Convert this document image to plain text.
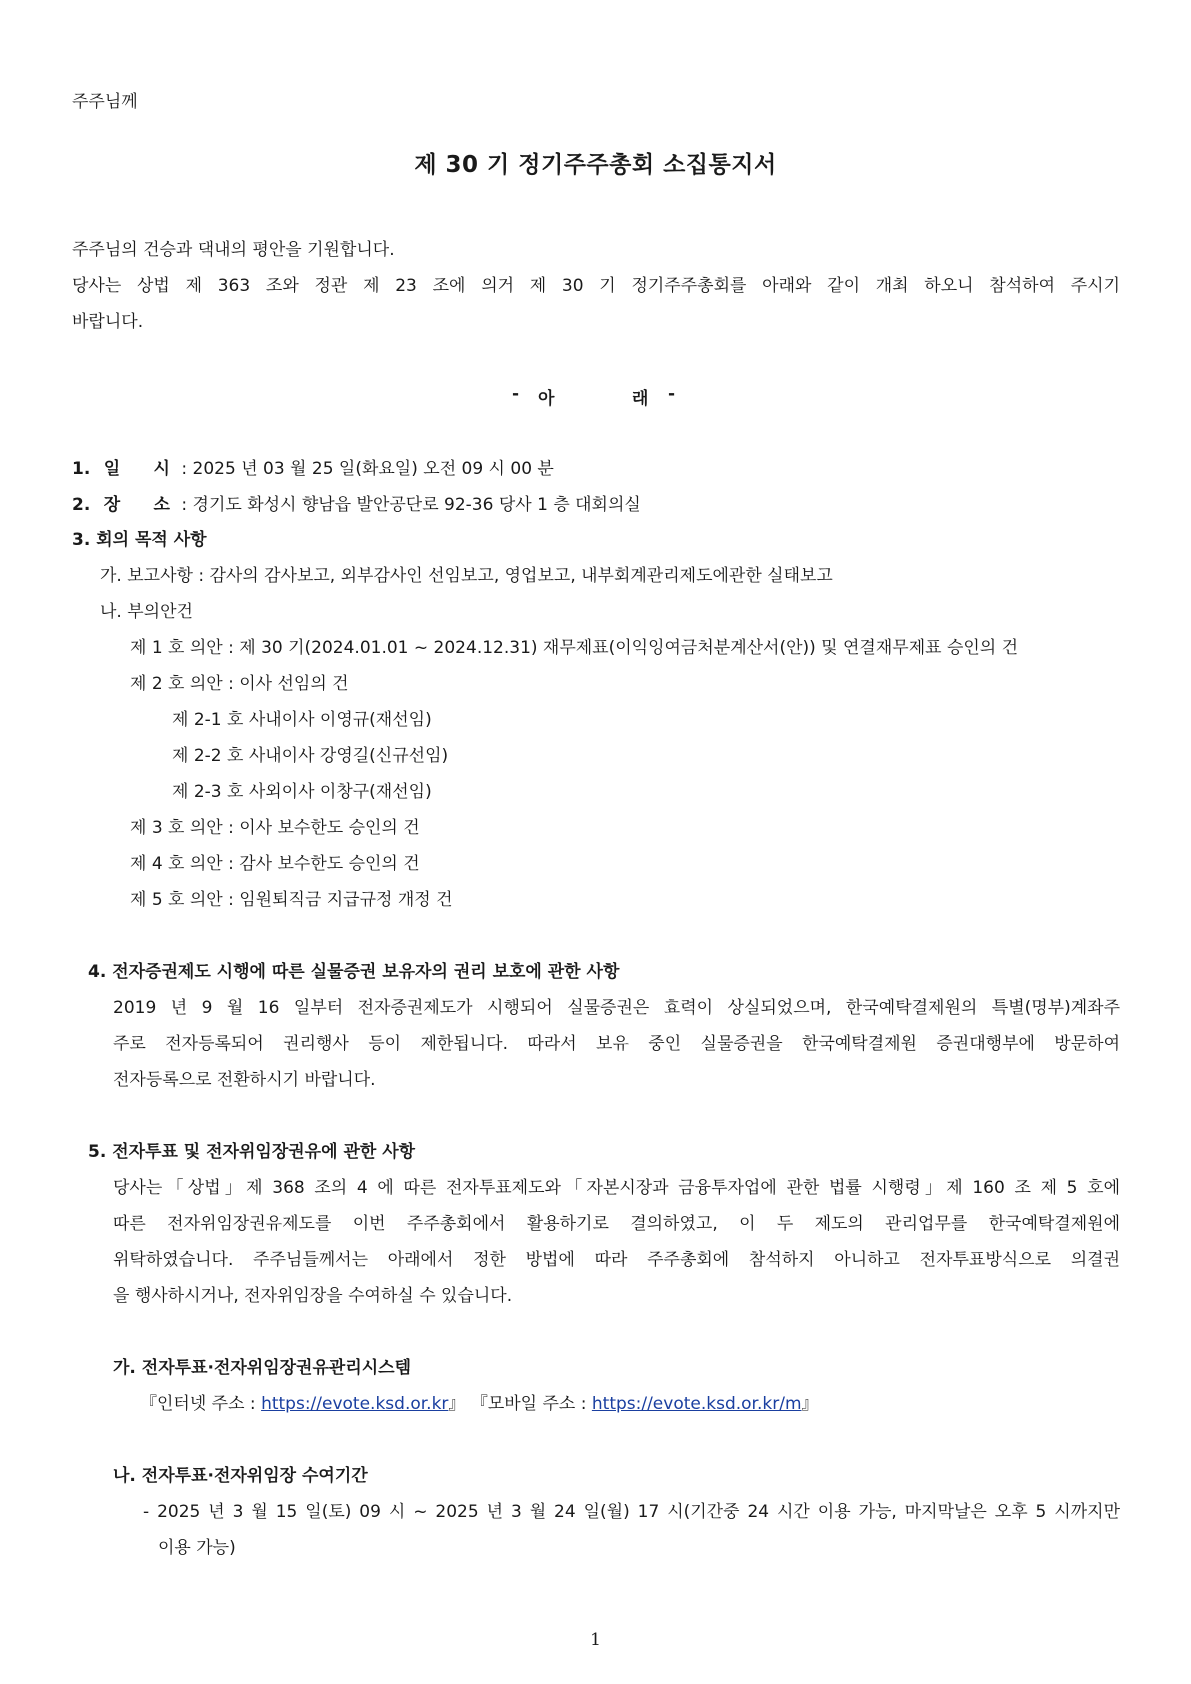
주주님께
제 30 기 정기주주총회 소집통지서
주주님의 건승과 댁내의 평안을 기원합니다.
당사는 상법 제 363 조와 정관 제 23 조에 의거 제 30 기 정기주주총회를 아래와 같이 개최 하오니 참석하여 주시기
바랍니다.
- 아	래 -
1. 일 시 : 2025 년 03 월 25 일(화요일) 오전 09 시 00 분
2. 장 소 : 경기도 화성시 향남읍 발안공단로 92-36 당사 1 층 대회의실
3. 회의 목적 사항
가. 보고사항 : 감사의 감사보고, 외부감사인 선임보고, 영업보고, 내부회계관리제도에관한 실태보고
나. 부의안건
제 1 호 의안 : 제 30 기(2024.01.01 ~ 2024.12.31) 재무제표(이익잉여금처분계산서(안)) 및 연결재무제표 승인의 건
제 2 호 의안 : 이사 선임의 건
제 2-1 호 사내이사 이영규(재선임)
제 2-2 호 사내이사 강영길(신규선임)
제 2-3 호 사외이사 이창구(재선임)
제 3 호 의안 : 이사 보수한도 승인의 건
제 4 호 의안 : 감사 보수한도 승인의 건
제 5 호 의안 : 임원퇴직금 지급규정 개정 건
4. 전자증권제도 시행에 따른 실물증권 보유자의 권리 보호에 관한 사항
2019 년 9 월 16 일부터 전자증권제도가 시행되어 실물증권은 효력이 상실되었으며, 한국예탁결제원의 특별(명부)계좌주
주로 전자등록되어 권리행사 등이 제한됩니다. 따라서 보유 중인 실물증권을 한국예탁결제원 증권대행부에 방문하여
전자등록으로 전환하시기 바랍니다.
5. 전자투표 및 전자위임장권유에 관한 사항
당사는「상법」제 368 조의 4 에 따른 전자투표제도와「자본시장과 금융투자업에 관한 법률 시행령」제 160 조 제 5 호에
따른 전자위임장권유제도를 이번 주주총회에서 활용하기로 결의하였고, 이 두 제도의 관리업무를 한국예탁결제원에
위탁하였습니다. 주주님들께서는 아래에서 정한 방법에 따라 주주총회에 참석하지 아니하고 전자투표방식으로 의결권
을 행사하시거나, 전자위임장을 수여하실 수 있습니다.
가. 전자투표·전자위임장권유관리시스템
『인터넷 주소 : https://evote.ksd.or.kr』 『모바일 주소 : https://evote.ksd.or.kr/m』
나. 전자투표·전자위임장 수여기간
- 2025 년 3 월 15 일(토) 09 시 ~ 2025 년 3 월 24 일(월) 17 시(기간중 24 시간 이용 가능, 마지막날은 오후 5 시까지만
이용 가능)
1
